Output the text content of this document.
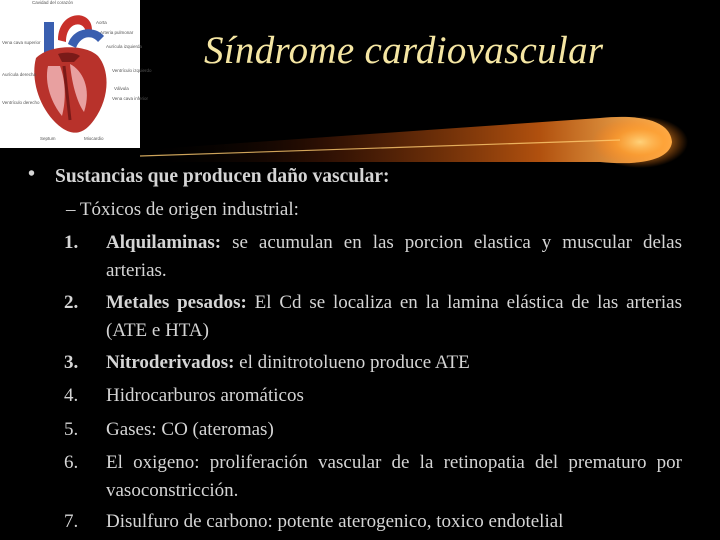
Cavidad del corazón
Aorta
Arteria pulmonar
Aurícula izquierda
Vena cava superior
Aurícula derecha
Ventrículo izquierdo
Válvula
Ventrículo derecho
Vena cava inferior
Septum	Miocardio
Síndrome cardiovascular
• Sustancias que producen daño vascular:
– Tóxicos de origen industrial:
1. Alquilaminas: se acumulan en las porcion elastica y muscular delas arterias.
2. Metales pesados: El Cd se localiza en la lamina elástica de las arterias (ATE e HTA)
3. Nitroderivados: el dinitrotolueno produce ATE
4. Hidrocarburos aromáticos
5. Gases: CO (ateromas)
6. El oxigeno: proliferación vascular de la retinopatia del prematuro por vasoconstricción.
7. Disulfuro de carbono: potente aterogenico, toxico endotelial
